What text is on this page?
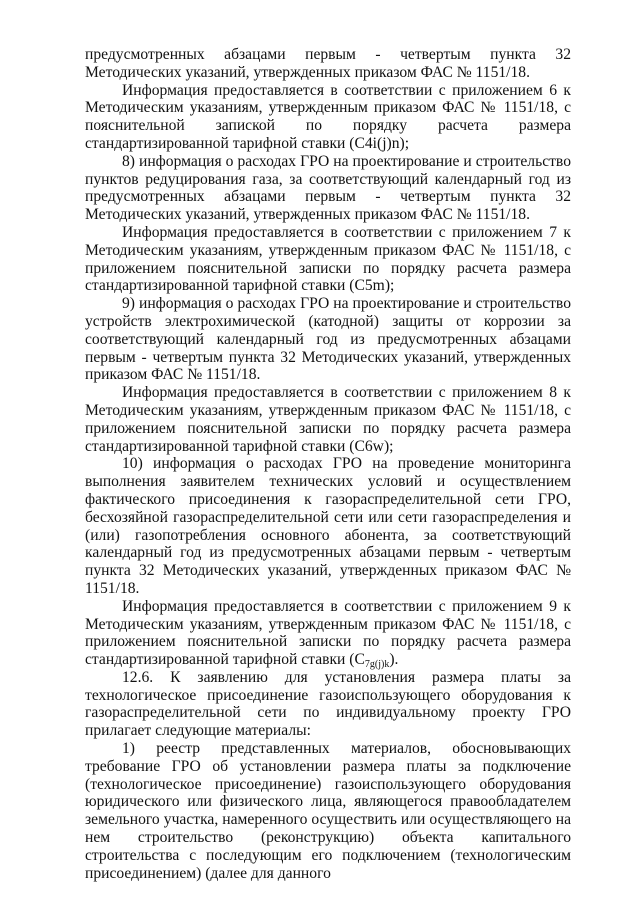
предусмотренных абзацами первым - четвертым пункта 32 Методических указаний, утвержденных приказом ФАС № 1151/18.

Информация предоставляется в соответствии с приложением 6 к Методическим указаниям, утвержденным приказом ФАС № 1151/18, с пояснительной запиской по порядку расчета размера стандартизированной тарифной ставки (C4i(j)n);

8) информация о расходах ГРО на проектирование и строительство пунктов редуцирования газа, за соответствующий календарный год из предусмотренных абзацами первым - четвертым пункта 32 Методических указаний, утвержденных приказом ФАС № 1151/18.

Информация предоставляется в соответствии с приложением 7 к Методическим указаниям, утвержденным приказом ФАС № 1151/18, с приложением пояснительной записки по порядку расчета размера стандартизированной тарифной ставки (C5m);

9) информация о расходах ГРО на проектирование и строительство устройств электрохимической (катодной) защиты от коррозии за соответствующий календарный год из предусмотренных абзацами первым - четвертым пункта 32 Методических указаний, утвержденных приказом ФАС № 1151/18.

Информация предоставляется в соответствии с приложением 8 к Методическим указаниям, утвержденным приказом ФАС № 1151/18, с приложением пояснительной записки по порядку расчета размера стандартизированной тарифной ставки (C6w);

10) информация о расходах ГРО на проведение мониторинга выполнения заявителем технических условий и осуществлением фактического присоединения к газораспределительной сети ГРО, бесхозяйной газораспределительной сети или сети газораспределения и (или) газопотребления основного абонента, за соответствующий календарный год из предусмотренных абзацами первым - четвертым пункта 32 Методических указаний, утвержденных приказом ФАС № 1151/18.

Информация предоставляется в соответствии с приложением 9 к Методическим указаниям, утвержденным приказом ФАС № 1151/18, с приложением пояснительной записки по порядку расчета размера стандартизированной тарифной ставки $(C_{7g(j)k})$.

12.6. К заявлению для установления размера платы за технологическое присоединение газоиспользующего оборудования к газораспределительной сети по индивидуальному проекту ГРО прилагает следующие материалы:

1) реестр представленных материалов, обосновывающих требование ГРО об установлении размера платы за подключение (технологическое присоединение) газоиспользующего оборудования юридического или физического лица, являющегося правообладателем земельного участка, намеренного осуществить или осуществляющего на нем строительство (реконструкцию) объекта капитального строительства с последующим его подключением (технологическим присоединением) (далее для данного
